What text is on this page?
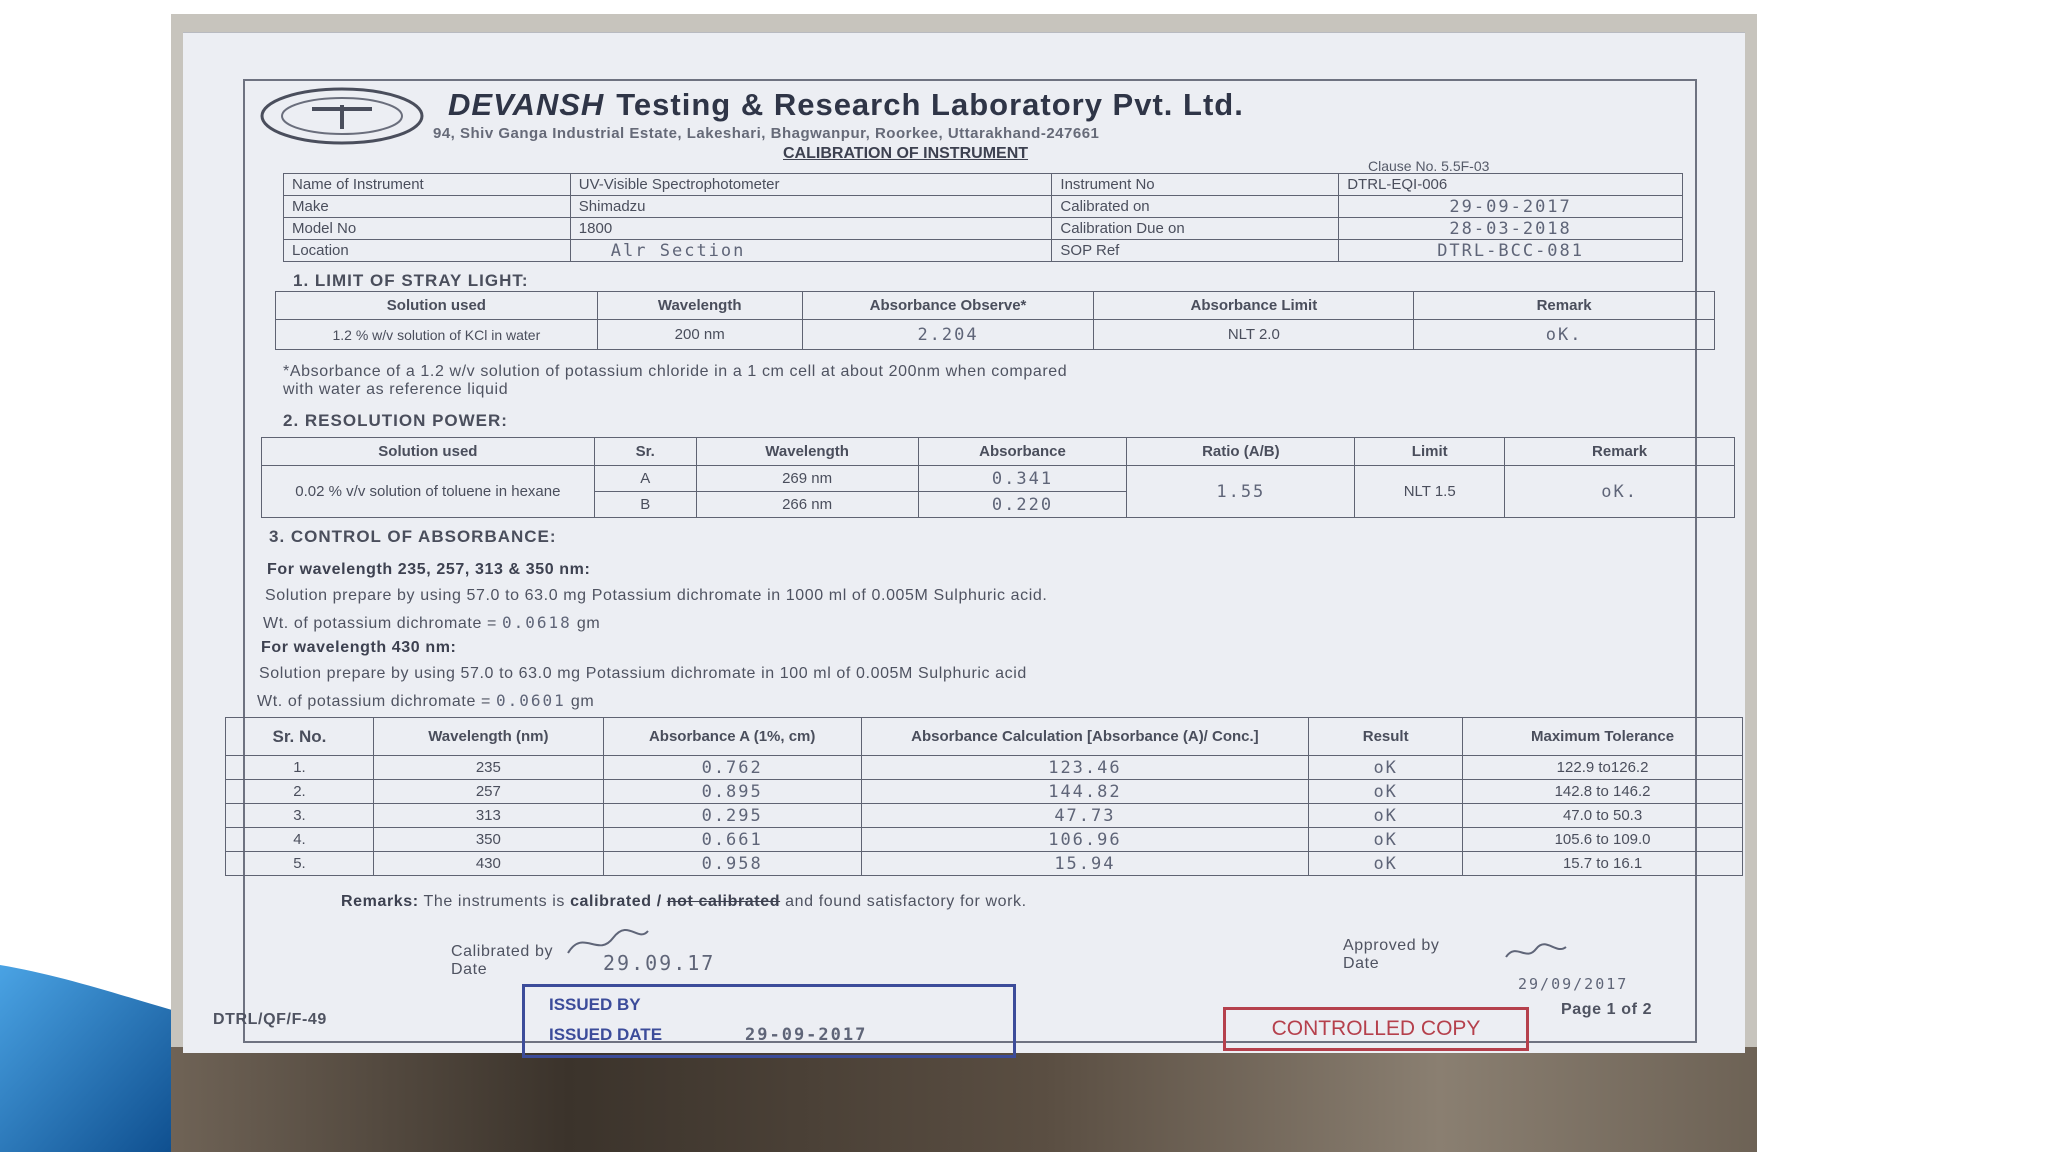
DEVANSH Testing & Research Laboratory Pvt. Ltd.
94, Shiv Ganga Industrial Estate, Lakeshari, Bhagwanpur, Roorkee, Uttarakhand-247661
CALIBRATION OF INSTRUMENT
Clause No. 5.5F-03
Name of Instrument	UV-Visible Spectrophotometer	Instrument No	DTRL-EQI-006
Make	Shimadzu	Calibrated on	29-09-2017
Model No	1800	Calibration Due on	28-03-2018
Location	Alr Section	SOP Ref	DTRL-BCC-081
1. LIMIT OF STRAY LIGHT:
Solution used	Wavelength	Absorbance Observe*	Absorbance Limit	Remark
1.2 % w/v solution of KCl in water	200 nm	2.204	NLT 2.0	oK.
*Absorbance of a 1.2 w/v solution of potassium chloride in a 1 cm cell at about 200nm when compared
with water as reference liquid
2. RESOLUTION POWER:
Solution used	Sr.	Wavelength	Absorbance	Ratio (A/B)	Limit	Remark
0.02 % v/v solution of toluene in hexane	A	269 nm	0.341	1.55	NLT 1.5	oK.
	B	266 nm	0.220			
3. CONTROL OF ABSORBANCE:
For wavelength 235, 257, 313 & 350 nm:
Solution prepare by using 57.0 to 63.0 mg Potassium dichromate in 1000 ml of 0.005M Sulphuric acid.
Wt. of potassium dichromate = 0.0618 gm
For wavelength 430 nm:
Solution prepare by using 57.0 to 63.0 mg Potassium dichromate in 100 ml of 0.005M Sulphuric acid
Wt. of potassium dichromate = 0.0601 gm
Sr. No.	Wavelength (nm)	Absorbance A (1%, cm)	Absorbance Calculation [Absorbance (A)/ Conc.]	Result	Maximum Tolerance
1.	235	0.762	123.46	oK	122.9 to126.2
2.	257	0.895	144.82	oK	142.8 to 146.2
3.	313	0.295	47.73	oK	47.0 to 50.3
4.	350	0.661	106.96	oK	105.6 to 109.0
5.	430	0.958	15.94	oK	15.7 to 16.1
Remarks: The instruments is calibrated / not calibrated and found satisfactory for work.
Calibrated by
Date	29.09.17
Approved by
Date
29/09/2017
DTRL/QF/F-49
Page 1 of 2
ISSUED BY
ISSUED DATE	29-09-2017	CONTROLLED COPY
